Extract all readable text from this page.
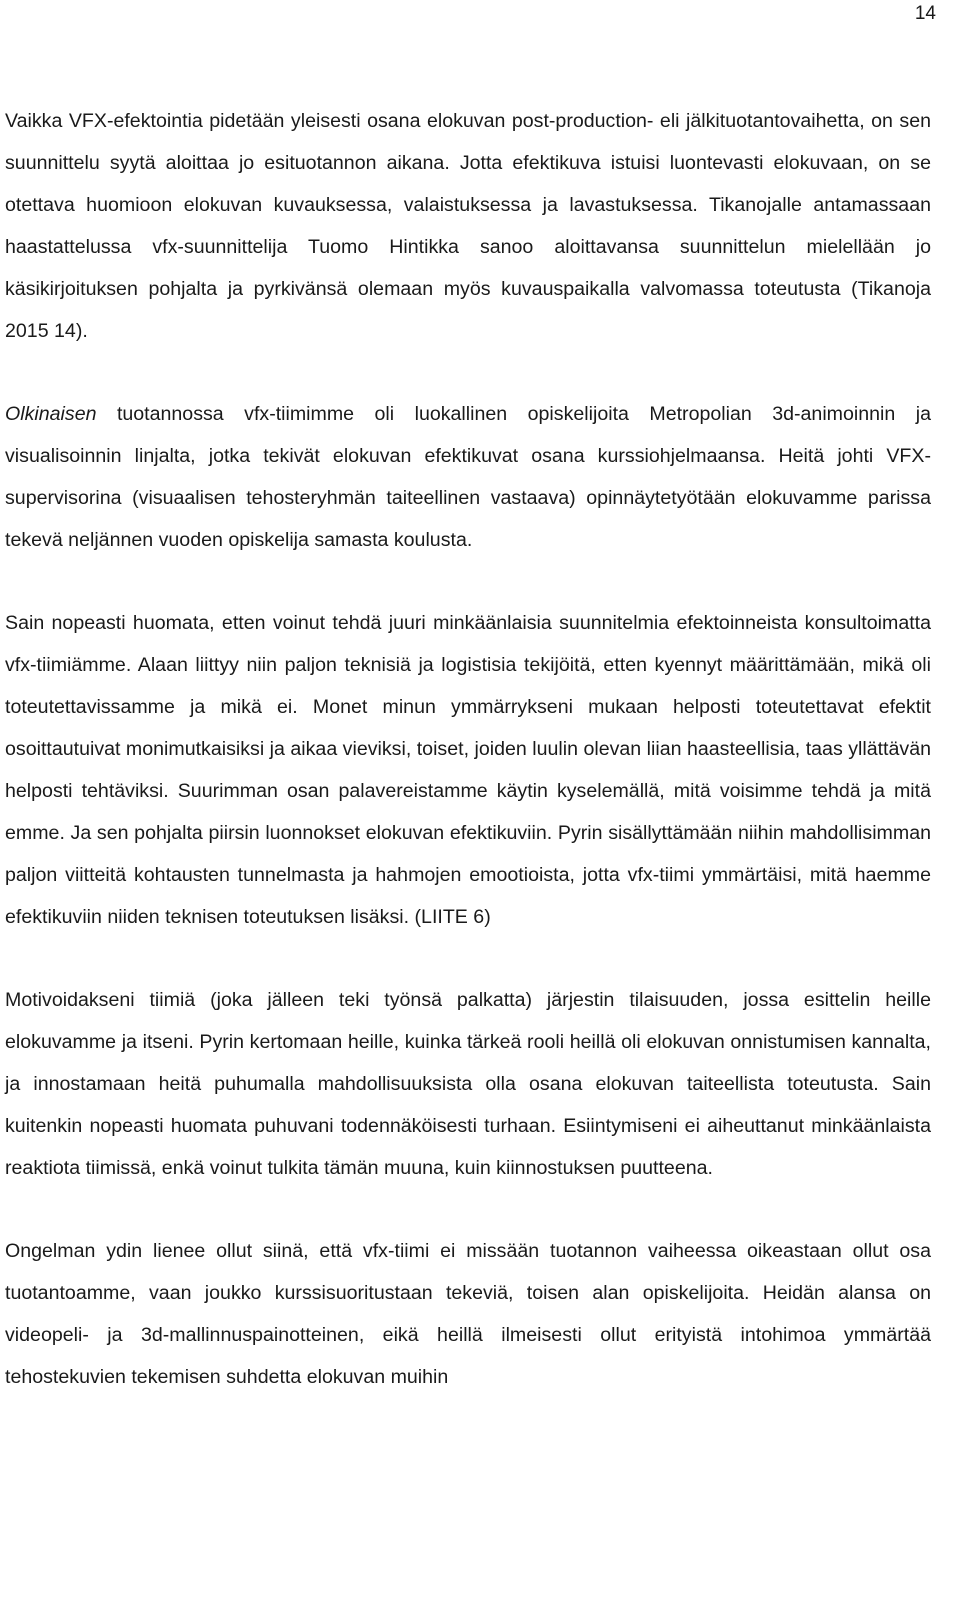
14

Vaikka VFX-efektointia pidetään yleisesti osana elokuvan post-production- eli jälkituotantovaihetta, on sen suunnittelu syytä aloittaa jo esituotannon aikana. Jotta efektikuva istuisi luontevasti elokuvaan, on se otettava huomioon elokuvan kuvauksessa, valaistuksessa ja lavastuksessa. Tikanojalle antamassaan haastattelussa vfx-suunnittelija Tuomo Hintikka sanoo aloittavansa suunnittelun mielellään jo käsikirjoituksen pohjalta ja pyrkivänsä olemaan myös kuvauspaikalla valvomassa toteutusta (Tikanoja 2015 14).

Olkinaisen tuotannossa vfx-tiimimme oli luokallinen opiskelijoita Metropolian 3d-animoinnin ja visualisoinnin linjalta, jotka tekivät elokuvan efektikuvat osana kurssiohjelmaansa. Heitä johti VFX-supervisorina (visuaalisen tehosteryhmän taiteellinen vastaava) opinnäytetyötään elokuvamme parissa tekevä neljännen vuoden opiskelija samasta koulusta.

Sain nopeasti huomata, etten voinut tehdä juuri minkäänlaisia suunnitelmia efektoinneista konsultoimatta vfx-tiimiämme. Alaan liittyy niin paljon teknisiä ja logistisia tekijöitä, etten kyennyt määrittämään, mikä oli toteutettavissamme ja mikä ei. Monet minun ymmärrykseni mukaan helposti toteutettavat efektit osoittautuivat monimutkaisiksi ja aikaa vieviksi, toiset, joiden luulin olevan liian haasteellisia, taas yllättävän helposti tehtäviksi. Suurimman osan palavereistamme käytin kyselemällä, mitä voisimme tehdä ja mitä emme. Ja sen pohjalta piirsin luonnokset elokuvan efektikuviin. Pyrin sisällyttämään niihin mahdollisimman paljon viitteitä kohtausten tunnelmasta ja hahmojen emootioista, jotta vfx-tiimi ymmärtäisi, mitä haemme efektikuviin niiden teknisen toteutuksen lisäksi. (LIITE 6)

Motivoidakseni tiimiä (joka jälleen teki työnsä palkatta) järjestin tilaisuuden, jossa esittelin heille elokuvamme ja itseni. Pyrin kertomaan heille, kuinka tärkeä rooli heillä oli elokuvan onnistumisen kannalta, ja innostamaan heitä puhumalla mahdollisuuksista olla osana elokuvan taiteellista toteutusta. Sain kuitenkin nopeasti huomata puhuvani todennäköisesti turhaan. Esiintymiseni ei aiheuttanut minkäänlaista reaktiota tiimissä, enkä voinut tulkita tämän muuna, kuin kiinnostuksen puutteena.

Ongelman ydin lienee ollut siinä, että vfx-tiimi ei missään tuotannon vaiheessa oikeastaan ollut osa tuotantoamme, vaan joukko kurssisuoritustaan tekeviä, toisen alan opiskelijoita. Heidän alansa on videopeli- ja 3d-mallinnuspainotteinen, eikä heillä ilmeisesti ollut erityistä intohimoa ymmärtää tehostekuvien tekemisen suhdetta elokuvan muihin
